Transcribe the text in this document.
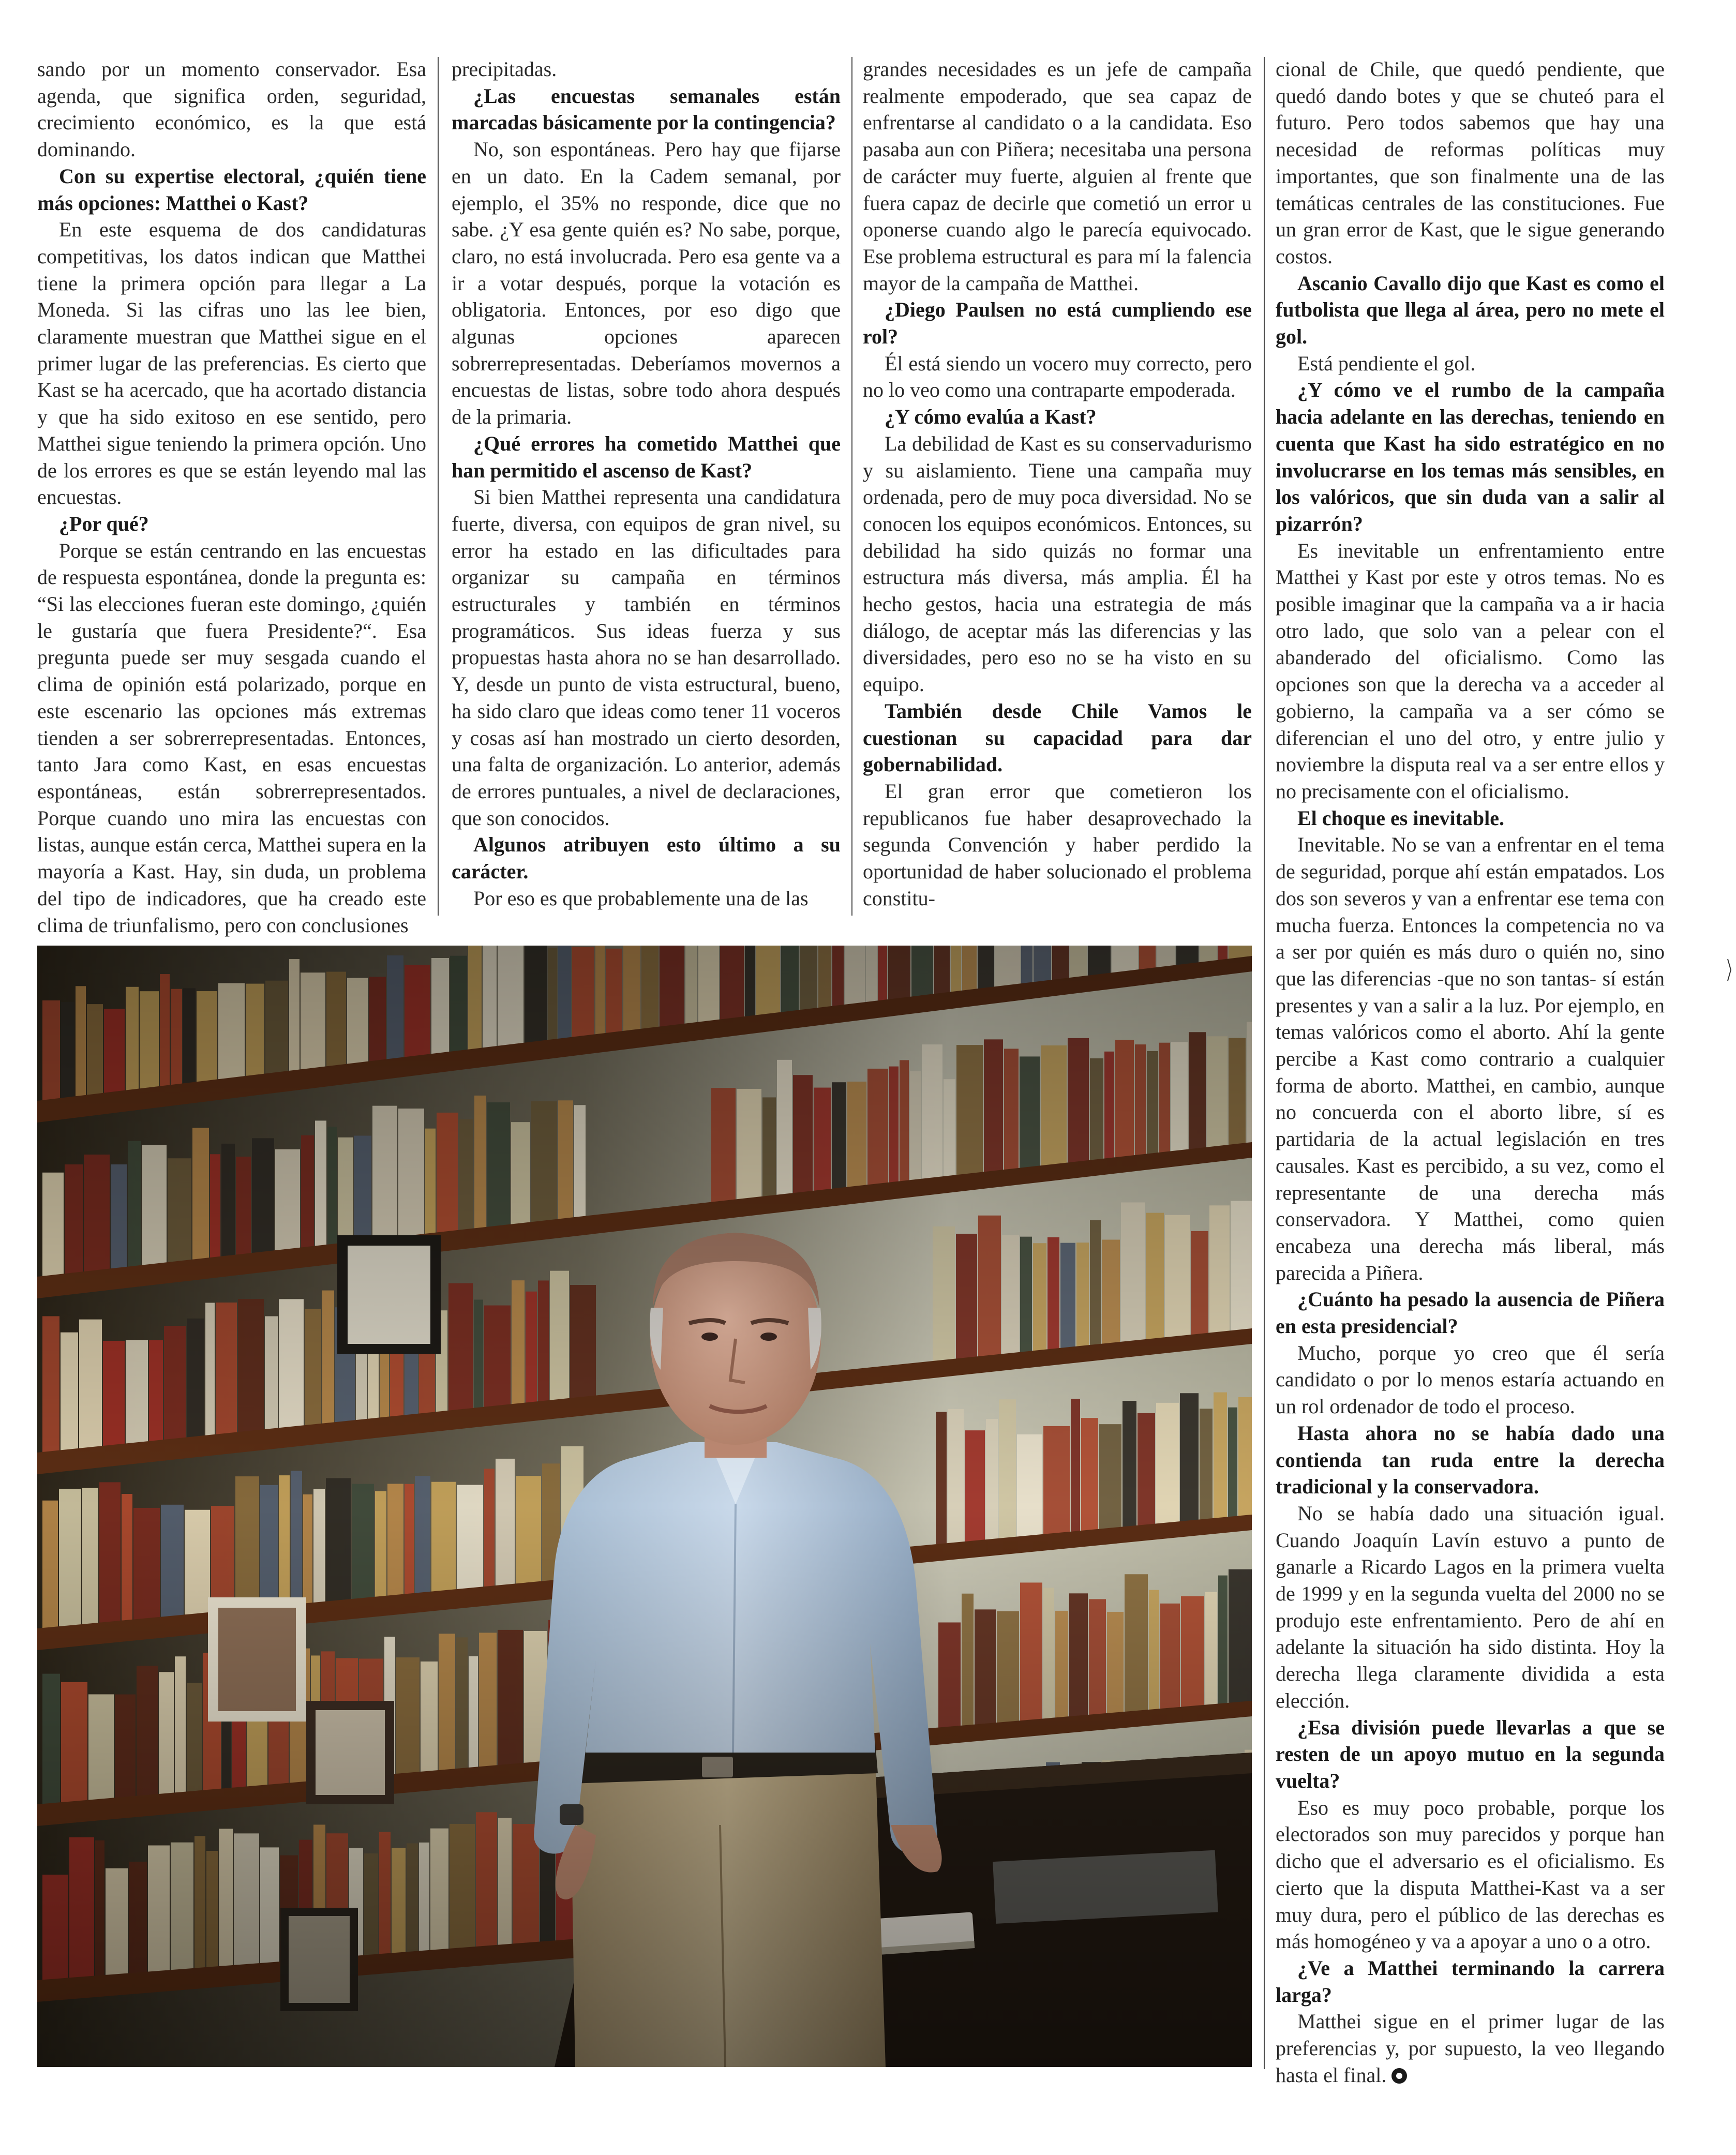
sando por un momento conservador. Esa agenda, que significa orden, seguridad, crecimiento económico, es la que está dominando.

Con su expertise electoral, ¿quién tiene más opciones: Matthei o Kast?

En este esquema de dos candidaturas competitivas, los datos indican que Matthei tiene la primera opción para llegar a La Moneda. Si las cifras uno las lee bien, claramente muestran que Matthei sigue en el primer lugar de las preferencias. Es cierto que Kast se ha acercado, que ha acortado distancia y que ha sido exitoso en ese sentido, pero Matthei sigue teniendo la primera opción. Uno de los errores es que se están leyendo mal las encuestas.

¿Por qué?

Porque se están centrando en las encuestas de respuesta espontánea, donde la pregunta es: “Si las elecciones fueran este domingo, ¿quién le gustaría que fuera Presidente?“. Esa pregunta puede ser muy sesgada cuando el clima de opinión está polarizado, porque en este escenario las opciones más extremas tienden a ser sobrerrepresentadas. Entonces, tanto Jara como Kast, en esas encuestas espontáneas, están sobrerrepresentados. Porque cuando uno mira las encuestas con listas, aunque están cerca, Matthei supera en la mayoría a Kast. Hay, sin duda, un problema del tipo de indicadores, que ha creado este clima de triunfalismo, pero con conclusiones

precipitadas.

¿Las encuestas semanales están marcadas básicamente por la contingencia?

No, son espontáneas. Pero hay que fijarse en un dato. En la Cadem semanal, por ejemplo, el 35% no responde, dice que no sabe. ¿Y esa gente quién es? No sabe, porque, claro, no está involucrada. Pero esa gente va a ir a votar después, porque la votación es obligatoria. Entonces, por eso digo que algunas opciones aparecen sobrerrepresentadas. Deberíamos movernos a encuestas de listas, sobre todo ahora después de la primaria.

¿Qué errores ha cometido Matthei que han permitido el ascenso de Kast?

Si bien Matthei representa una candidatura fuerte, diversa, con equipos de gran nivel, su error ha estado en las dificultades para organizar su campaña en términos estructurales y también en términos programáticos. Sus ideas fuerza y sus propuestas hasta ahora no se han desarrollado. Y, desde un punto de vista estructural, bueno, ha sido claro que ideas como tener 11 voceros y cosas así han mostrado un cierto desorden, una falta de organización. Lo anterior, además de errores puntuales, a nivel de declaraciones, que son conocidos.

Algunos atribuyen esto último a su carácter.

Por eso es que probablemente una de las

grandes necesidades es un jefe de campaña realmente empoderado, que sea capaz de enfrentarse al candidato o a la candidata. Eso pasaba aun con Piñera; necesitaba una persona de carácter muy fuerte, alguien al frente que fuera capaz de decirle que cometió un error u oponerse cuando algo le parecía equivocado. Ese problema estructural es para mí la falencia mayor de la campaña de Matthei.

¿Diego Paulsen no está cumpliendo ese rol?

Él está siendo un vocero muy correcto, pero no lo veo como una contraparte empoderada.

¿Y cómo evalúa a Kast?

La debilidad de Kast es su conservadurismo y su aislamiento. Tiene una campaña muy ordenada, pero de muy poca diversidad. No se conocen los equipos económicos. Entonces, su debilidad ha sido quizás no formar una estructura más diversa, más amplia. Él ha hecho gestos, hacia una estrategia de más diálogo, de aceptar más las diferencias y las diversidades, pero eso no se ha visto en su equipo.

También desde Chile Vamos le cuestionan su capacidad para dar gobernabilidad.

El gran error que cometieron los republicanos fue haber desaprovechado la segunda Convención y haber perdido la oportunidad de haber solucionado el problema constitu-

cional de Chile, que quedó pendiente, que quedó dando botes y que se chuteó para el futuro. Pero todos sabemos que hay una necesidad de reformas políticas muy importantes, que son finalmente una de las temáticas centrales de las constituciones. Fue un gran error de Kast, que le sigue generando costos.

Ascanio Cavallo dijo que Kast es como el futbolista que llega al área, pero no mete el gol.

Está pendiente el gol.

¿Y cómo ve el rumbo de la campaña hacia adelante en las derechas, teniendo en cuenta que Kast ha sido estratégico en no involucrarse en los temas más sensibles, en los valóricos, que sin duda van a salir al pizarrón?

Es inevitable un enfrentamiento entre Matthei y Kast por este y otros temas. No es posible imaginar que la campaña va a ir hacia otro lado, que solo van a pelear con el abanderado del oficialismo. Como las opciones son que la derecha va a acceder al gobierno, la campaña va a ser cómo se diferencian el uno del otro, y entre julio y noviembre la disputa real va a ser entre ellos y no precisamente con el oficialismo.

El choque es inevitable.

Inevitable. No se van a enfrentar en el tema de seguridad, porque ahí están empatados. Los dos son severos y van a enfrentar ese tema con mucha fuerza. Entonces la competencia no va a ser por quién es más duro o quién no, sino que las diferencias -que no son tantas- sí están presentes y van a salir a la luz. Por ejemplo, en temas valóricos como el aborto. Ahí la gente percibe a Kast como contrario a cualquier forma de aborto. Matthei, en cambio, aunque no concuerda con el aborto libre, sí es partidaria de la actual legislación en tres causales. Kast es percibido, a su vez, como el representante de una derecha más conservadora. Y Matthei, como quien encabeza una derecha más liberal, más parecida a Piñera.

¿Cuánto ha pesado la ausencia de Piñera en esta presidencial?

Mucho, porque yo creo que él sería candidato o por lo menos estaría actuando en un rol ordenador de todo el proceso.

Hasta ahora no se había dado una contienda tan ruda entre la derecha tradicional y la conservadora.

No se había dado una situación igual. Cuando Joaquín Lavín estuvo a punto de ganarle a Ricardo Lagos en la primera vuelta de 1999 y en la segunda vuelta del 2000 no se produjo este enfrentamiento. Pero de ahí en adelante la situación ha sido distinta. Hoy la derecha llega claramente dividida a esta elección.

¿Esa división puede llevarlas a que se resten de un apoyo mutuo en la segunda vuelta?

Eso es muy poco probable, porque los electorados son muy parecidos y porque han dicho que el adversario es el oficialismo. Es cierto que la disputa Matthei-Kast va a ser muy dura, pero el público de las derechas es más homogéneo y va a apoyar a uno o a otro.

¿Ve a Matthei terminando la carrera larga?

Matthei sigue en el primer lugar de las preferencias y, por supuesto, la veo llegando hasta el final.
